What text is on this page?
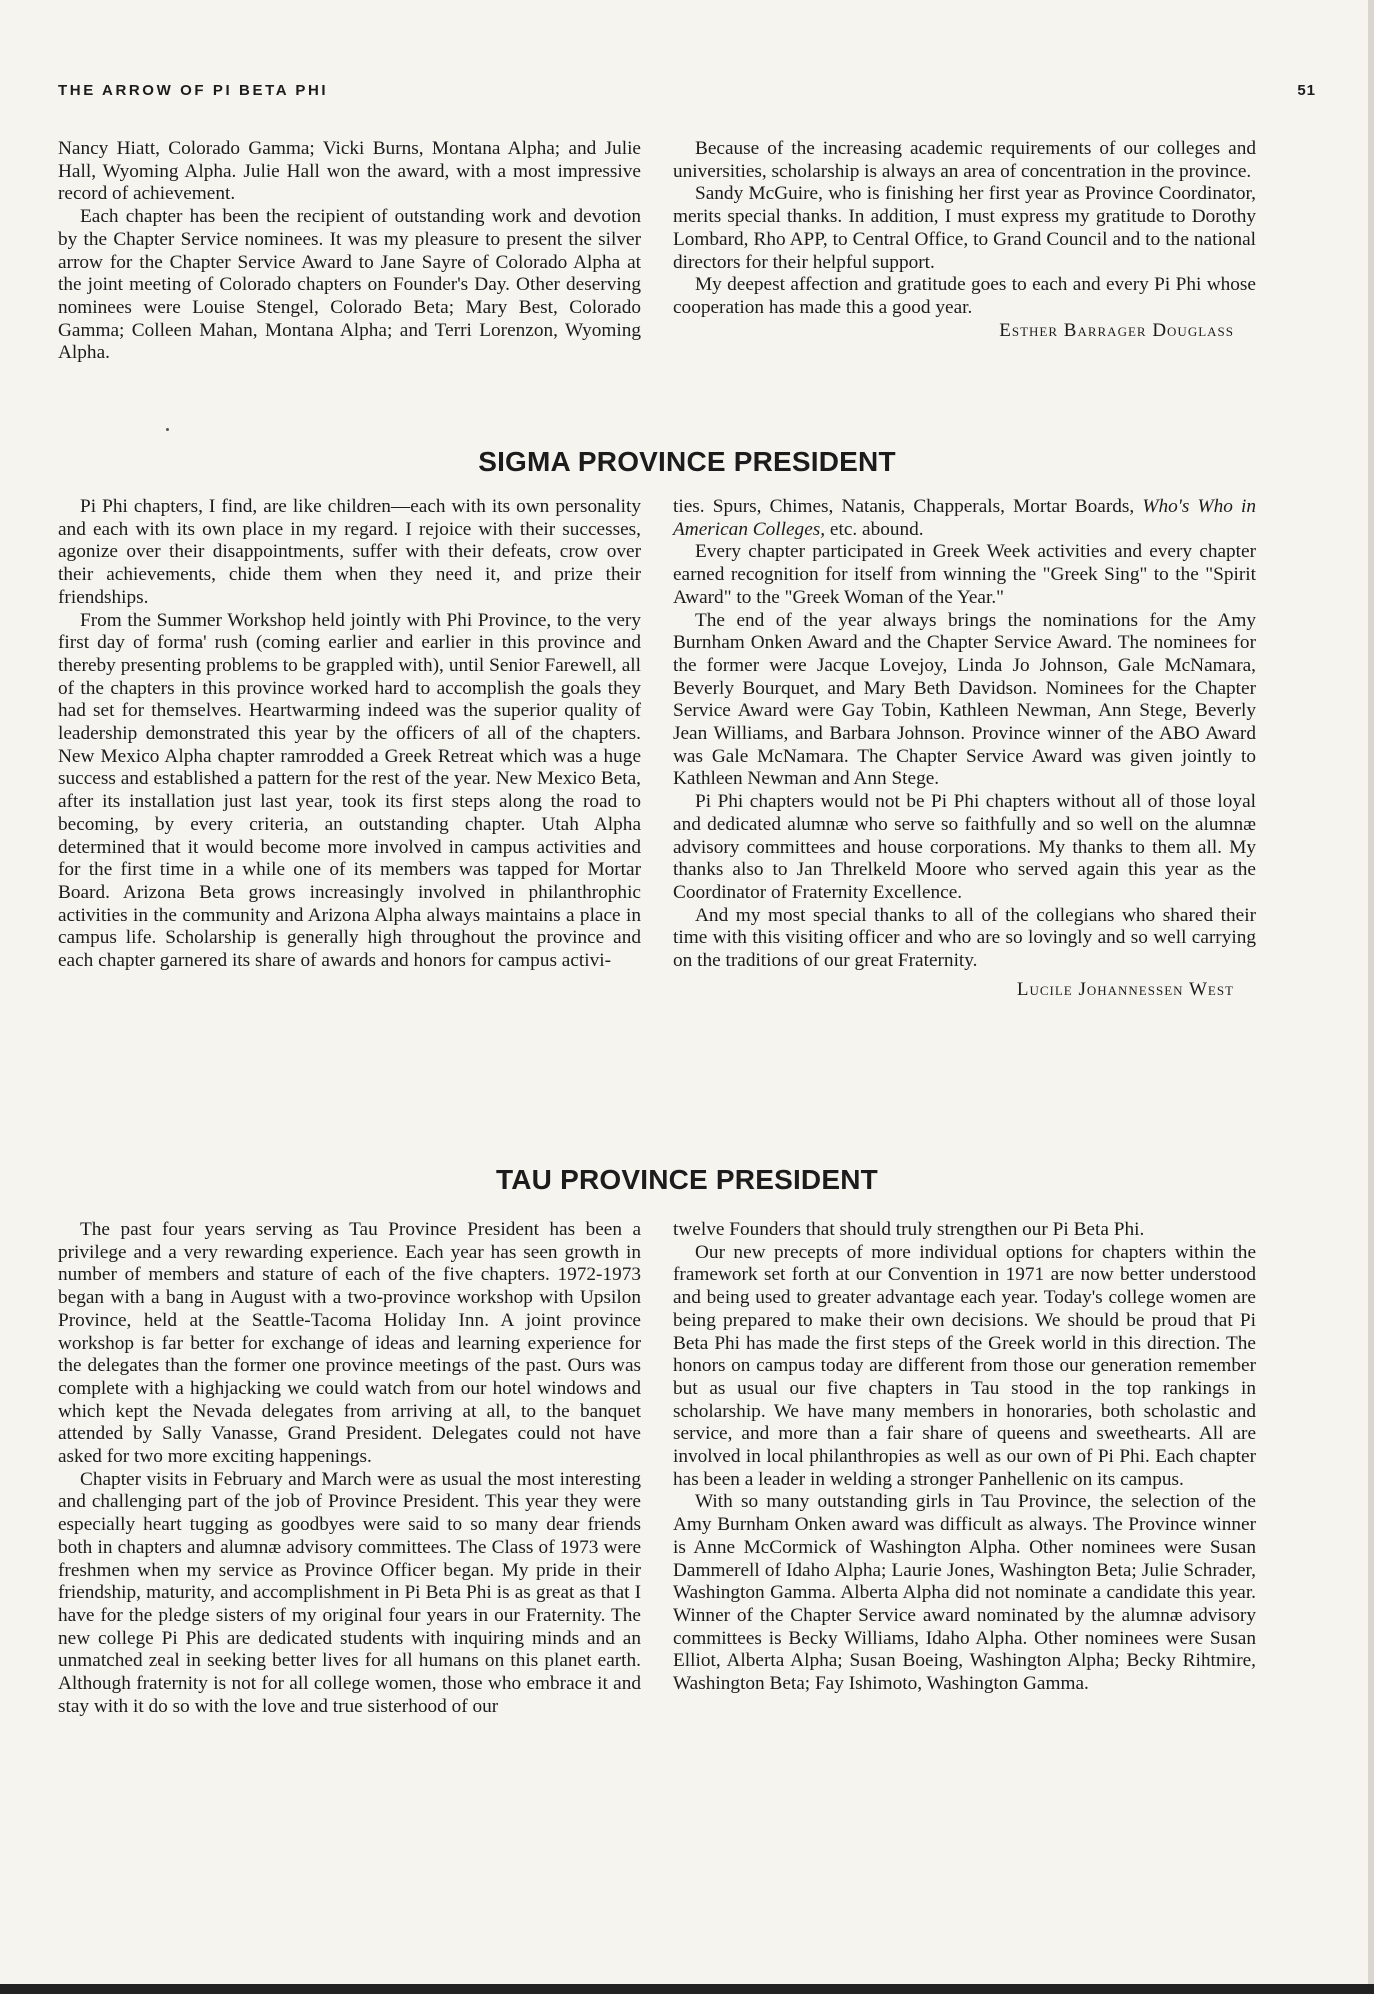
THE ARROW OF PI BETA PHI	51

Nancy Hiatt, Colorado Gamma; Vicki Burns, Montana Alpha; and Julie Hall, Wyoming Alpha. Julie Hall won the award, with a most impressive record of achievement.

Each chapter has been the recipient of outstanding work and devotion by the Chapter Service nominees. It was my pleasure to present the silver arrow for the Chapter Service Award to Jane Sayre of Colorado Alpha at the joint meeting of Colorado chapters on Founder's Day. Other deserving nominees were Louise Stengel, Colorado Beta; Mary Best, Colorado Gamma; Colleen Mahan, Montana Alpha; and Terri Lorenzon, Wyoming Alpha.

Because of the increasing academic requirements of our colleges and universities, scholarship is always an area of concentration in the province.

Sandy McGuire, who is finishing her first year as Province Coordinator, merits special thanks. In addition, I must express my gratitude to Dorothy Lombard, Rho APP, to Central Office, to Grand Council and to the national directors for their helpful support.

My deepest affection and gratitude goes to each and every Pi Phi whose cooperation has made this a good year.

Esther Barrager Douglass
SIGMA PROVINCE PRESIDENT

Pi Phi chapters, I find, are like children—each with its own personality and each with its own place in my regard. I rejoice with their successes, agonize over their disappointments, suffer with their defeats, crow over their achievements, chide them when they need it, and prize their friendships.

From the Summer Workshop held jointly with Phi Province, to the very first day of forma' rush (coming earlier and earlier in this province and thereby presenting problems to be grappled with), until Senior Farewell, all of the chapters in this province worked hard to accomplish the goals they had set for themselves. Heartwarming indeed was the superior quality of leadership demonstrated this year by the officers of all of the chapters. New Mexico Alpha chapter ramrodded a Greek Retreat which was a huge success and established a pattern for the rest of the year. New Mexico Beta, after its installation just last year, took its first steps along the road to becoming, by every criteria, an outstanding chapter. Utah Alpha determined that it would become more involved in campus activities and for the first time in a while one of its members was tapped for Mortar Board. Arizona Beta grows increasingly involved in philanthrophic activities in the community and Arizona Alpha always maintains a place in campus life. Scholarship is generally high throughout the province and each chapter garnered its share of awards and honors for campus activi-

ties. Spurs, Chimes, Natanis, Chapperals, Mortar Boards, Who's Who in American Colleges, etc. abound.

Every chapter participated in Greek Week activities and every chapter earned recognition for itself from winning the "Greek Sing" to the "Spirit Award" to the "Greek Woman of the Year."

The end of the year always brings the nominations for the Amy Burnham Onken Award and the Chapter Service Award. The nominees for the former were Jacque Lovejoy, Linda Jo Johnson, Gale McNamara, Beverly Bourquet, and Mary Beth Davidson. Nominees for the Chapter Service Award were Gay Tobin, Kathleen Newman, Ann Stege, Beverly Jean Williams, and Barbara Johnson. Province winner of the ABO Award was Gale McNamara. The Chapter Service Award was given jointly to Kathleen Newman and Ann Stege.

Pi Phi chapters would not be Pi Phi chapters without all of those loyal and dedicated alumnæ who serve so faithfully and so well on the alumnæ advisory committees and house corporations. My thanks to them all. My thanks also to Jan Threlkeld Moore who served again this year as the Coordinator of Fraternity Excellence.

And my most special thanks to all of the collegians who shared their time with this visiting officer and who are so lovingly and so well carrying on the traditions of our great Fraternity.

Lucile Johannessen West
TAU PROVINCE PRESIDENT

The past four years serving as Tau Province President has been a privilege and a very rewarding experience. Each year has seen growth in number of members and stature of each of the five chapters. 1972-1973 began with a bang in August with a two-province workshop with Upsilon Province, held at the Seattle-Tacoma Holiday Inn. A joint province workshop is far better for exchange of ideas and learning experience for the delegates than the former one province meetings of the past. Ours was complete with a highjacking we could watch from our hotel windows and which kept the Nevada delegates from arriving at all, to the banquet attended by Sally Vanasse, Grand President. Delegates could not have asked for two more exciting happenings.

Chapter visits in February and March were as usual the most interesting and challenging part of the job of Province President. This year they were especially heart tugging as goodbyes were said to so many dear friends both in chapters and alumnæ advisory committees. The Class of 1973 were freshmen when my service as Province Officer began. My pride in their friendship, maturity, and accomplishment in Pi Beta Phi is as great as that I have for the pledge sisters of my original four years in our Fraternity. The new college Pi Phis are dedicated students with inquiring minds and an unmatched zeal in seeking better lives for all humans on this planet earth. Although fraternity is not for all college women, those who embrace it and stay with it do so with the love and true sisterhood of our

twelve Founders that should truly strengthen our Pi Beta Phi.

Our new precepts of more individual options for chapters within the framework set forth at our Convention in 1971 are now better understood and being used to greater advantage each year. Today's college women are being prepared to make their own decisions. We should be proud that Pi Beta Phi has made the first steps of the Greek world in this direction. The honors on campus today are different from those our generation remember but as usual our five chapters in Tau stood in the top rankings in scholarship. We have many members in honoraries, both scholastic and service, and more than a fair share of queens and sweethearts. All are involved in local philanthropies as well as our own of Pi Phi. Each chapter has been a leader in welding a stronger Panhellenic on its campus.

With so many outstanding girls in Tau Province, the selection of the Amy Burnham Onken award was difficult as always. The Province winner is Anne McCormick of Washington Alpha. Other nominees were Susan Dammerell of Idaho Alpha; Laurie Jones, Washington Beta; Julie Schrader, Washington Gamma. Alberta Alpha did not nominate a candidate this year. Winner of the Chapter Service award nominated by the alumnæ advisory committees is Becky Williams, Idaho Alpha. Other nominees were Susan Elliot, Alberta Alpha; Susan Boeing, Washington Alpha; Becky Rihtmire, Washington Beta; Fay Ishimoto, Washington Gamma.
